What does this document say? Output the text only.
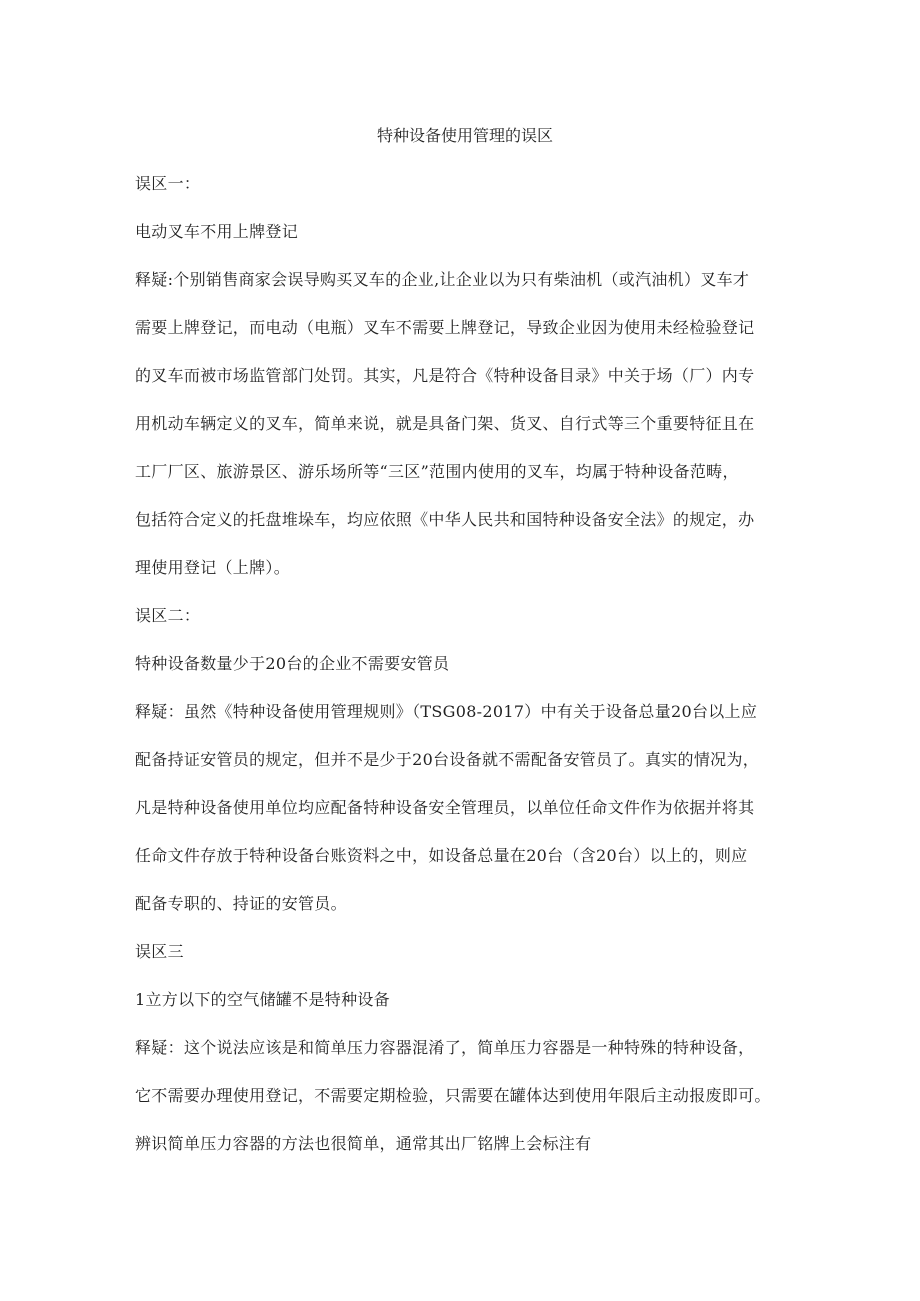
特种设备使用管理的误区

误区一：

电动叉车不用上牌登记

释疑:个别销售商家会误导购买叉车的企业,让企业以为只有柴油机（或汽油机）叉车才

需要上牌登记，而电动（电瓶）叉车不需要上牌登记，导致企业因为使用未经检验登记

的叉车而被市场监管部门处罚。其实，凡是符合《特种设备目录》中关于场（厂）内专

用机动车辆定义的叉车，简单来说，就是具备门架、货叉、自行式等三个重要特征且在

工厂厂区、旅游景区、游乐场所等“三区”范围内使用的叉车，均属于特种设备范畴，

包括符合定义的托盘堆垛车，均应依照《中华人民共和国特种设备安全法》的规定，办

理使用登记（上牌）。

误区二：

特种设备数量少于20台的企业不需要安管员

释疑：虽然《特种设备使用管理规则》（TSG08-2017）中有关于设备总量20台以上应

配备持证安管员的规定，但并不是少于20台设备就不需配备安管员了。真实的情况为，

凡是特种设备使用单位均应配备特种设备安全管理员，以单位任命文件作为依据并将其

任命文件存放于特种设备台账资料之中，如设备总量在20台（含20台）以上的，则应

配备专职的、持证的安管员。

误区三

1立方以下的空气储罐不是特种设备

释疑：这个说法应该是和简单压力容器混淆了，简单压力容器是一种特殊的特种设备，

它不需要办理使用登记，不需要定期检验，只需要在罐体达到使用年限后主动报废即可。

辨识简单压力容器的方法也很简单，通常其出厂铭牌上会标注有
